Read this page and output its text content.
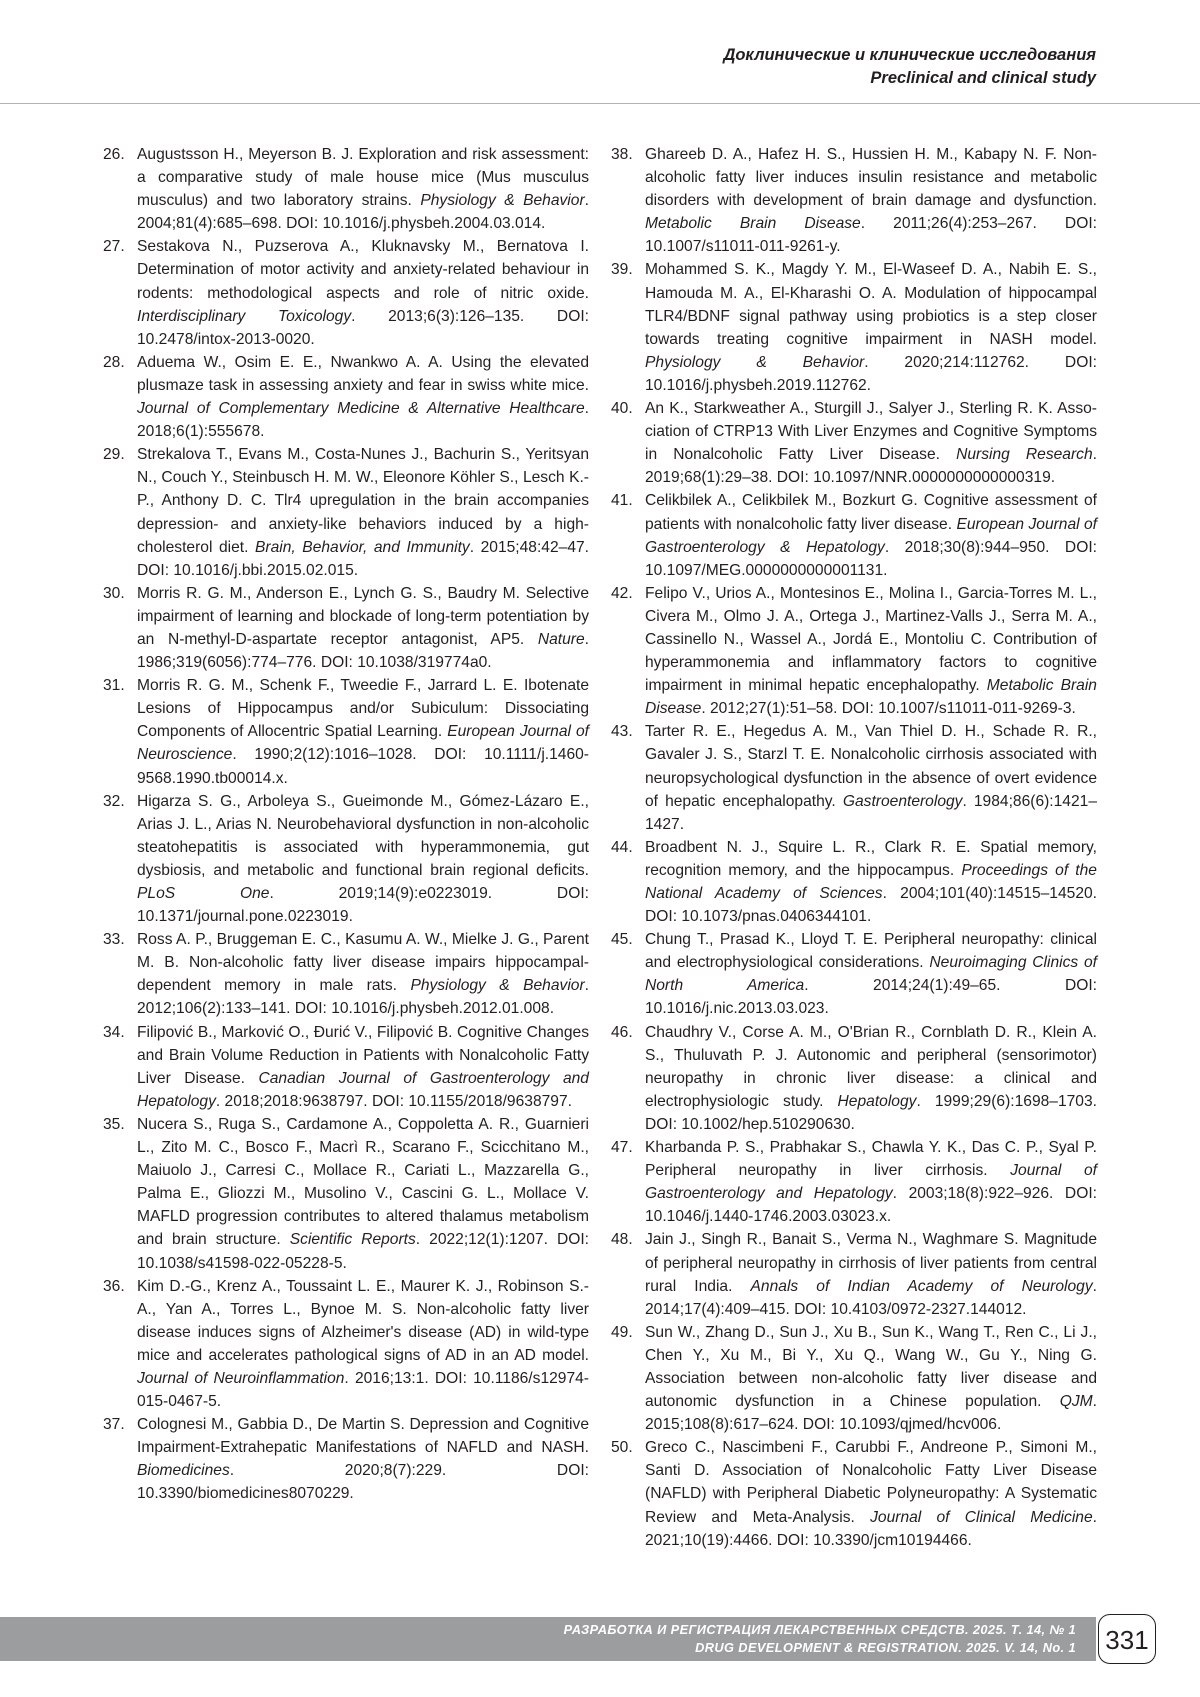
Доклинические и клинические исследования
Preclinical and clinical study
26. Augustsson H., Meyerson B. J. Exploration and risk assessment: a comparative study of male house mice (Mus musculus musculus) and two laboratory strains. Physiology & Behavior. 2004;81(4):685–698. DOI: 10.1016/j.physbeh.2004.03.014.
27. Sestakova N., Puzserova A., Kluknavsky M., Bernatova I. Determination of motor activity and anxiety-related behaviour in rodents: methodological aspects and role of nitric oxide. Interdisciplinary Toxicology. 2013;6(3):126–135. DOI: 10.2478/intox-2013-0020.
28. Aduema W., Osim E. E., Nwankwo A. A. Using the elevated plusmaze task in assessing anxiety and fear in swiss white mice. Journal of Complementary Medicine & Alternative Healthcare. 2018;6(1):555678.
29. Strekalova T., Evans M., Costa-Nunes J., Bachurin S., Yeritsyan N., Couch Y., Steinbusch H. M. W., Eleonore Köhler S., Lesch K.-P., Anthony D. C. Tlr4 upregulation in the brain accompanies depression- and anxiety-like behaviors induced by a high-cholesterol diet. Brain, Behavior, and Immunity. 2015;48:42–47. DOI: 10.1016/j.bbi.2015.02.015.
30. Morris R. G. M., Anderson E., Lynch G. S., Baudry M. Selective impairment of learning and blockade of long-term potentiation by an N-methyl-D-aspartate receptor antagonist, AP5. Nature. 1986;319(6056):774–776. DOI: 10.1038/319774a0.
31. Morris R. G. M., Schenk F., Tweedie F., Jarrard L. E. Ibotenate Lesions of Hippocampus and/or Subiculum: Dissociating Components of Allocentric Spatial Learning. European Journal of Neuroscience. 1990;2(12):1016–1028. DOI: 10.1111/j.1460-9568.1990.tb00014.x.
32. Higarza S. G., Arboleya S., Gueimonde M., Gómez-Lázaro E., Arias J. L., Arias N. Neurobehavioral dysfunction in non-alcoholic steatohepatitis is associated with hyperammonemia, gut dysbiosis, and metabolic and functional brain regional deficits. PLoS One. 2019;14(9):e0223019. DOI: 10.1371/journal.pone.0223019.
33. Ross A. P., Bruggeman E. C., Kasumu A. W., Mielke J. G., Parent M. B. Non-alcoholic fatty liver disease impairs hippocampal-dependent memory in male rats. Physiology & Behavior. 2012;106(2):133–141. DOI: 10.1016/j.physbeh.2012.01.008.
34. Filipović B., Marković O., Đurić V., Filipović B. Cognitive Changes and Brain Volume Reduction in Patients with Nonalcoholic Fatty Liver Disease. Canadian Journal of Gastroenterology and Hepatology. 2018;2018:9638797. DOI: 10.1155/2018/9638797.
35. Nucera S., Ruga S., Cardamone A., Coppoletta A. R., Guarnieri L., Zito M. C., Bosco F., Macrì R., Scarano F., Scicchitano M., Maiuolo J., Carresi C., Mollace R., Cariati L., Mazzarella G., Palma E., Gliozzi M., Musolino V., Cascini G. L., Mollace V. MAFLD progression contributes to altered thalamus metabolism and brain structure. Scientific Reports. 2022;12(1):1207. DOI: 10.1038/s41598-022-05228-5.
36. Kim D.-G., Krenz A., Toussaint L. E., Maurer K. J., Robinson S.-A., Yan A., Torres L., Bynoe M. S. Non-alcoholic fatty liver disease induces signs of Alzheimer's disease (AD) in wild-type mice and accelerates pathological signs of AD in an AD model. Journal of Neuroinflammation. 2016;13:1. DOI: 10.1186/s12974-015-0467-5.
37. Colognesi M., Gabbia D., De Martin S. Depression and Cognitive Impairment-Extrahepatic Manifestations of NAFLD and NASH. Biomedicines. 2020;8(7):229. DOI: 10.3390/biomedicines8070229.
38. Ghareeb D. A., Hafez H. S., Hussien H. M., Kabapy N. F. Non-alcoholic fatty liver induces insulin resistance and metabolic disorders with development of brain damage and dysfunction. Metabolic Brain Disease. 2011;26(4):253–267. DOI: 10.1007/s11011-011-9261-y.
39. Mohammed S. K., Magdy Y. M., El-Waseef D. A., Nabih E. S., Hamouda M. A., El-Kharashi O. A. Modulation of hippocampal TLR4/BDNF signal pathway using probiotics is a step closer towards treating cognitive impairment in NASH model. Physiology & Behavior. 2020;214:112762. DOI: 10.1016/j.physbeh.2019.112762.
40. An K., Starkweather A., Sturgill J., Salyer J., Sterling R. K. Association of CTRP13 With Liver Enzymes and Cognitive Symptoms in Nonalcoholic Fatty Liver Disease. Nursing Research. 2019;68(1):29–38. DOI: 10.1097/NNR.0000000000000319.
41. Celikbilek A., Celikbilek M., Bozkurt G. Cognitive assessment of patients with nonalcoholic fatty liver disease. European Journal of Gastroenterology & Hepatology. 2018;30(8):944–950. DOI: 10.1097/MEG.0000000000001131.
42. Felipo V., Urios A., Montesinos E., Molina I., Garcia-Torres M. L., Civera M., Olmo J. A., Ortega J., Martinez-Valls J., Serra M. A., Cassinello N., Wassel A., Jordá E., Montoliu C. Contribution of hyperammonemia and inflammatory factors to cognitive impairment in minimal hepatic encephalopathy. Metabolic Brain Disease. 2012;27(1):51–58. DOI: 10.1007/s11011-011-9269-3.
43. Tarter R. E., Hegedus A. M., Van Thiel D. H., Schade R. R., Gavaler J. S., Starzl T. E. Nonalcoholic cirrhosis associated with neuropsychological dysfunction in the absence of overt evidence of hepatic encephalopathy. Gastroenterology. 1984;86(6):1421–1427.
44. Broadbent N. J., Squire L. R., Clark R. E. Spatial memory, recognition memory, and the hippocampus. Proceedings of the National Academy of Sciences. 2004;101(40):14515–14520. DOI: 10.1073/pnas.0406344101.
45. Chung T., Prasad K., Lloyd T. E. Peripheral neuropathy: clinical and electrophysiological considerations. Neuroimaging Clinics of North America. 2014;24(1):49–65. DOI: 10.1016/j.nic.2013.03.023.
46. Chaudhry V., Corse A. M., O'Brian R., Cornblath D. R., Klein A. S., Thuluvath P. J. Autonomic and peripheral (sensorimotor) neuropathy in chronic liver disease: a clinical and electrophysiologic study. Hepatology. 1999;29(6):1698–1703. DOI: 10.1002/hep.510290630.
47. Kharbanda P. S., Prabhakar S., Chawla Y. K., Das C. P., Syal P. Peripheral neuropathy in liver cirrhosis. Journal of Gastroenterology and Hepatology. 2003;18(8):922–926. DOI: 10.1046/j.1440-1746.2003.03023.x.
48. Jain J., Singh R., Banait S., Verma N., Waghmare S. Magnitude of peripheral neuropathy in cirrhosis of liver patients from central rural India. Annals of Indian Academy of Neurology. 2014;17(4):409–415. DOI: 10.4103/0972-2327.144012.
49. Sun W., Zhang D., Sun J., Xu B., Sun K., Wang T., Ren C., Li J., Chen Y., Xu M., Bi Y., Xu Q., Wang W., Gu Y., Ning G. Association between non-alcoholic fatty liver disease and autonomic dysfunction in a Chinese population. QJM. 2015;108(8):617–624. DOI: 10.1093/qjmed/hcv006.
50. Greco C., Nascimbeni F., Carubbi F., Andreone P., Simoni M., Santi D. Association of Nonalcoholic Fatty Liver Disease (NAFLD) with Peripheral Diabetic Polyneuropathy: A Systematic Review and Meta-Analysis. Journal of Clinical Medicine. 2021;10(19):4466. DOI: 10.3390/jcm10194466.
РАЗРАБОТКА И РЕГИСТРАЦИЯ ЛЕКАРСТВЕННЫХ СРЕДСТВ. 2025. Т. 14, № 1
DRUG DEVELOPMENT & REGISTRATION. 2025. V. 14, No. 1 331
